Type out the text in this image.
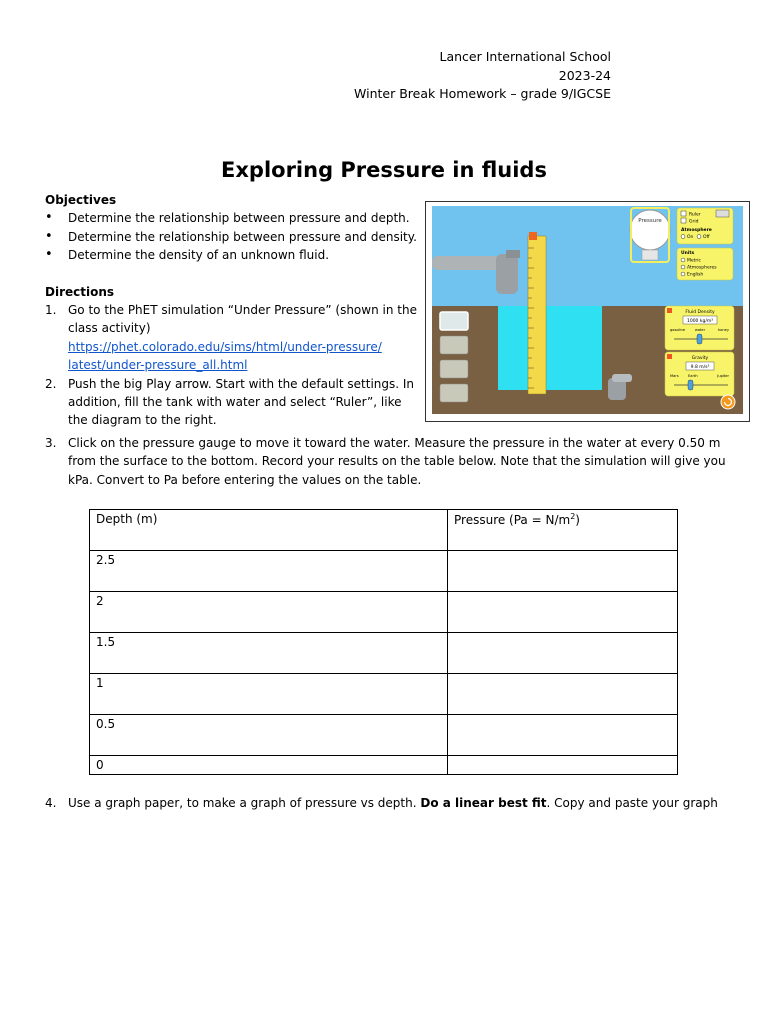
Lancer International School
2023-24
Winter Break Homework – grade 9/IGCSE
Exploring Pressure in fluids
Objectives
• Determine the relationship between pressure and depth.
• Determine the relationship between pressure and density.
• Determine the density of an unknown fluid.
Directions
1. Go to the PhET simulation “Under Pressure” (shown in the class activity)
https://phet.colorado.edu/sims/html/under-pressure/
latest/under-pressure_all.html
2. Push the big Play arrow. Start with the default settings. In addition, fill the tank with water and select “Ruler”, like the diagram to the right.
Pressure
Ruler
Grid
Atmosphere
On Off
Units
Metric
Atmospheres
English
Fluid Density
1000 kg/m³
gasoline	water	honey
Gravity
9.8 m/s²
Mars	Earth	Jupiter
3. Click on the pressure gauge to move it toward the water. Measure the pressure in the water at every 0.50 m from the surface to the bottom. Record your results on the table below. Note that the simulation will give you kPa. Convert to Pa before entering the values on the table.
Depth (m)	Pressure $(Pa = N/m^2)$
2.5	
2	
1.5	
1	
0.5	
0	
4. Use a graph paper, to make a graph of pressure vs depth. Do a linear best fit. Copy and paste your graph
